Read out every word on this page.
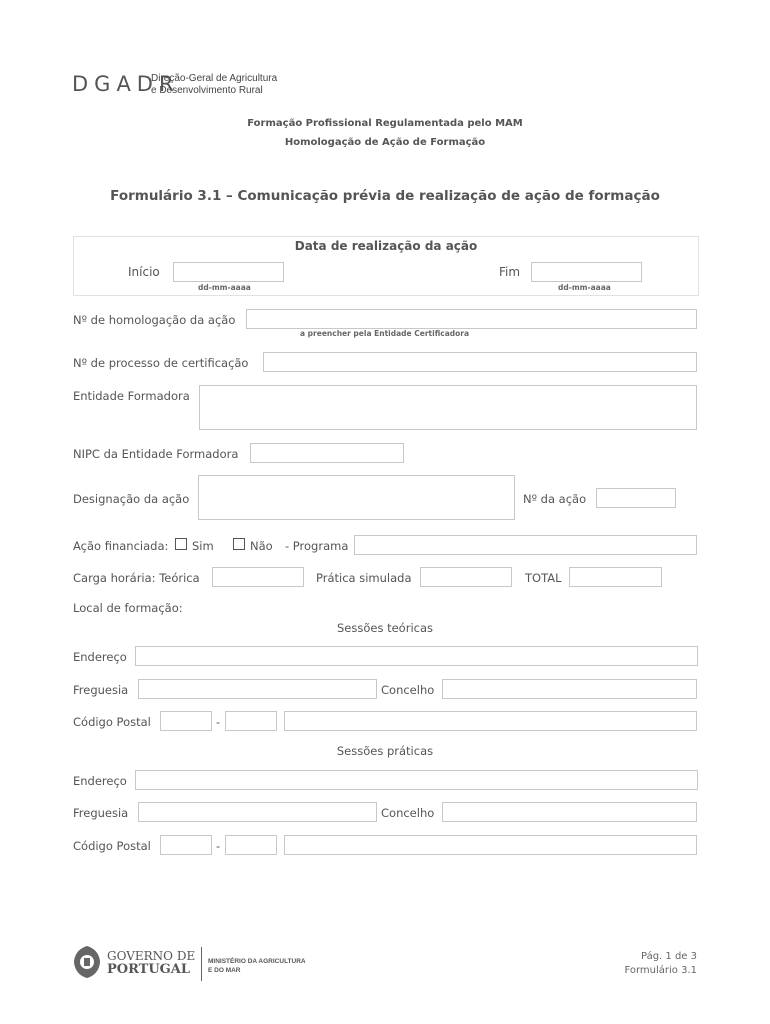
DGADR
Direção-Geral de Agricultura
e Desenvolvimento Rural
Formação Profissional Regulamentada pelo MAM
Homologação de Ação de Formação
Formulário 3.1 – Comunicação prévia de realização de ação de formação
Data de realização da ação
Início
dd-mm-aaaa
Fim
dd-mm-aaaa
Nº de homologação da ação
a preencher pela Entidade Certificadora
Nº de processo de certificação
Entidade Formadora
NIPC da Entidade Formadora
Designação da ação	Nº da ação
Ação financiada: Sim	Não - Programa
Carga horária: Teórica	Prática simulada	TOTAL
Local de formação:
Sessões teóricas
Endereço
Freguesia	Concelho
Código Postal	-
Sessões práticas
Endereço
Freguesia	Concelho
Código Postal	-
GOVERNO DE
PORTUGAL
MINISTÉRIO DA AGRICULTURA
E DO MAR
Pág. 1 de 3
Formulário 3.1
